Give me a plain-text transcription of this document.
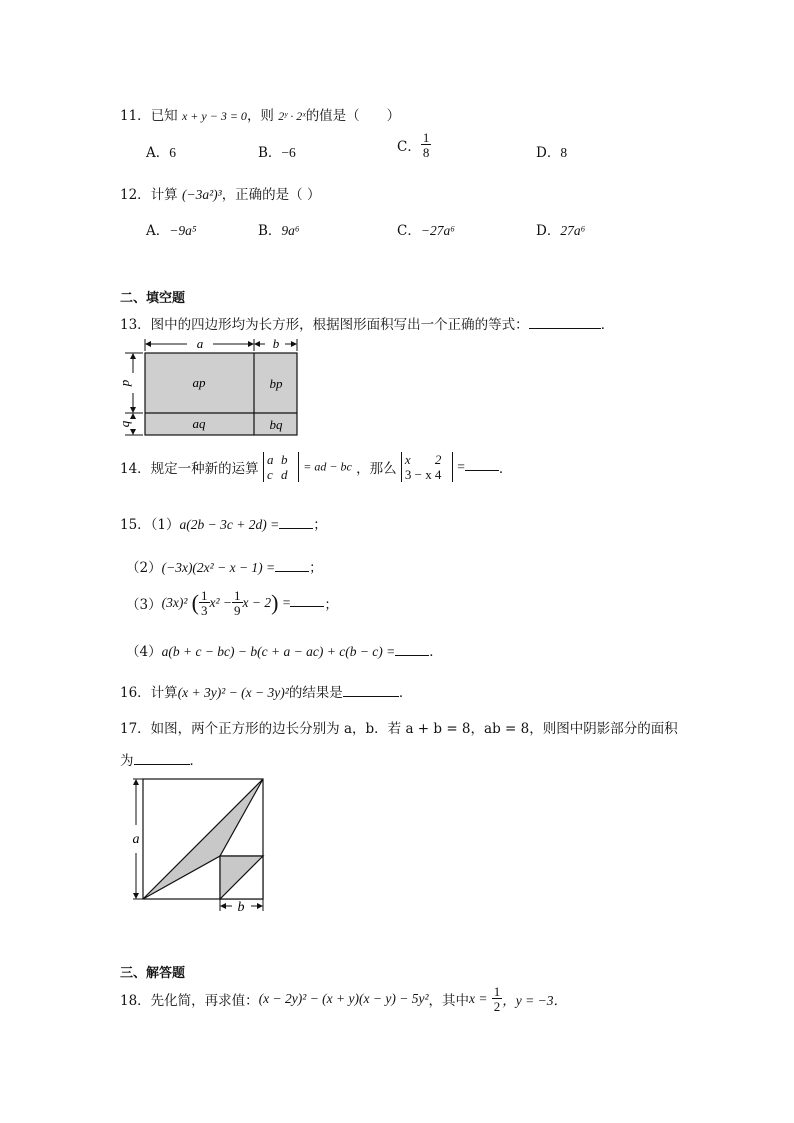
11．已知 x + y − 3 = 0，则 2ʸ · 2ˣ的值是（　　）
A．6	B．−6	C． $\frac{1}{8}$	D．8
12．计算 (−3a²)³，正确的是（ ）
A．−9a⁵	B．9a⁶	C．−27a⁶	D．27a⁶
二、填空题
13．图中的四边形均为长方形，根据图形面积写出一个正确的等式：	．
a	b
p
q
ap	bp
aq	bq
14．规定一种新的运算 a b
c d = ad − bc ，那么 x 2
3 − x 4 =	．
15．（1）a(2b − 3c + 2d) =	；
（2）(−3x)(2x² − x − 1) =	；
（3）(3x)² ( $\frac{1}{3} x^2 - \frac{1}{9}$ x − 2) =	；
（4）a(b + c − bc) − b(c + a − ac) + c(b − c) =	．
16．计算(x + 3y)² − (x − 3y)²的结果是	．
17．如图，两个正方形的边长分别为 a，b．若 a + b = 8，ab = 8，则图中阴影部分的面积
为	．
a
b
三、解答题
18．先化简，再求值：(x − 2y)² − (x + y)(x − y) − 5y²，其中$x = \frac{1}{2}$ ，y = −3．
